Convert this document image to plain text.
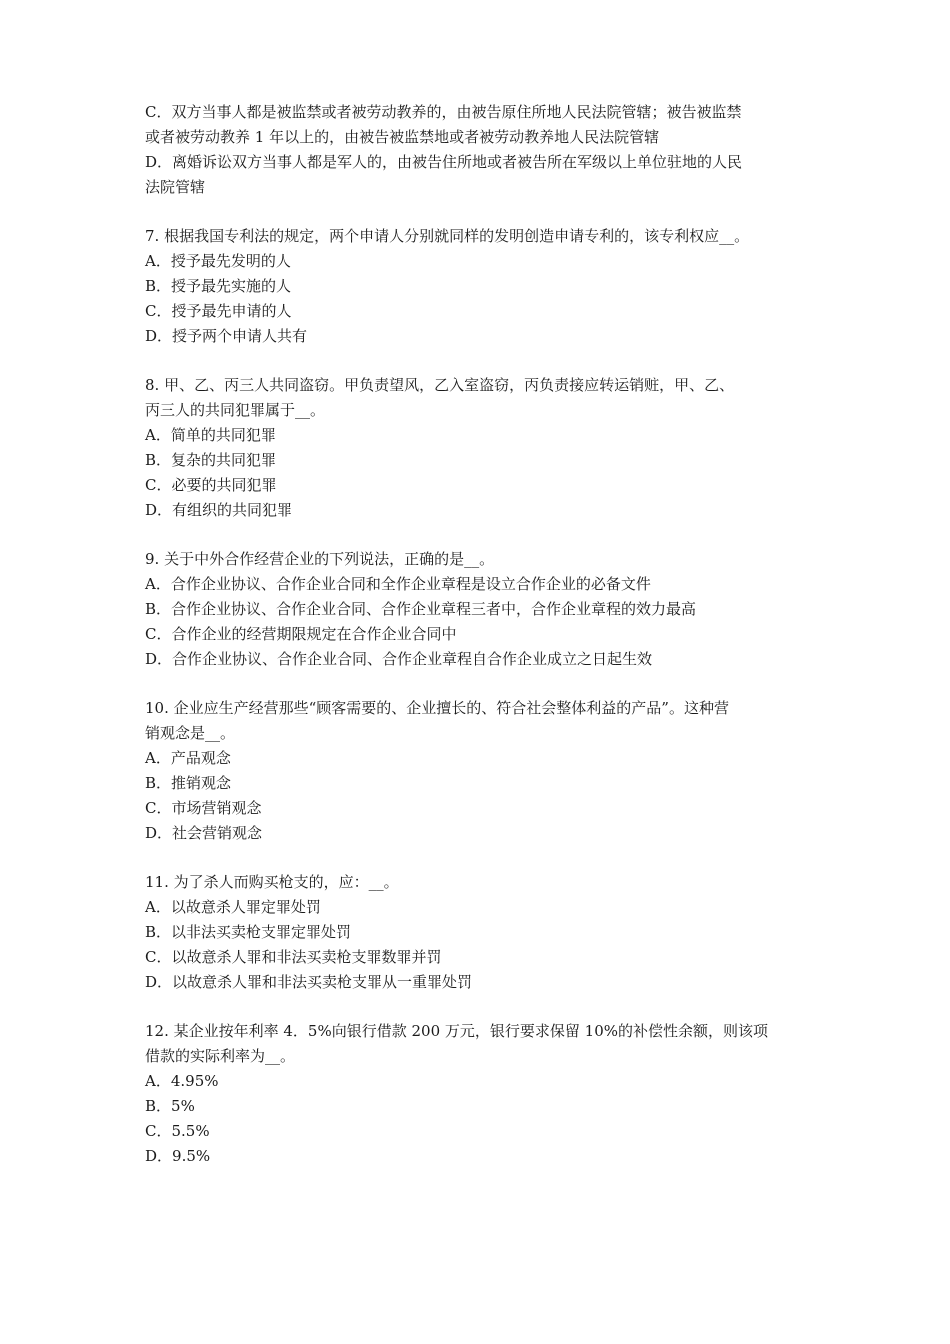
C．双方当事人都是被监禁或者被劳动教养的，由被告原住所地人民法院管辖；被告被监禁
或者被劳动教养 1 年以上的，由被告被监禁地或者被劳动教养地人民法院管辖
D．离婚诉讼双方当事人都是军人的，由被告住所地或者被告所在军级以上单位驻地的人民
法院管辖
7. 根据我国专利法的规定，两个申请人分别就同样的发明创造申请专利的，该专利权应__。
A．授予最先发明的人
B．授予最先实施的人
C．授予最先申请的人
D．授予两个申请人共有
8. 甲、乙、丙三人共同盗窃。甲负责望风，乙入室盗窃，丙负责接应转运销赃，甲、乙、
丙三人的共同犯罪属于__。
A．简单的共同犯罪
B．复杂的共同犯罪
C．必要的共同犯罪
D．有组织的共同犯罪
9. 关于中外合作经营企业的下列说法，正确的是__。
A．合作企业协议、合作企业合同和全作企业章程是设立合作企业的必备文件
B．合作企业协议、合作企业合同、合作企业章程三者中，合作企业章程的效力最高
C．合作企业的经营期限规定在合作企业合同中
D．合作企业协议、合作企业合同、合作企业章程自合作企业成立之日起生效
10. 企业应生产经营那些“顾客需要的、企业擅长的、符合社会整体利益的产品”。这种营
销观念是__。
A．产品观念
B．推销观念
C．市场营销观念
D．社会营销观念
11. 为了杀人而购买枪支的，应：__。
A．以故意杀人罪定罪处罚
B．以非法买卖枪支罪定罪处罚
C．以故意杀人罪和非法买卖枪支罪数罪并罚
D．以故意杀人罪和非法买卖枪支罪从一重罪处罚
12. 某企业按年利率 4．5%向银行借款 200 万元，银行要求保留 10%的补偿性余额，则该项
借款的实际利率为__。
A．4.95%
B．5%
C．5.5%
D．9.5%
